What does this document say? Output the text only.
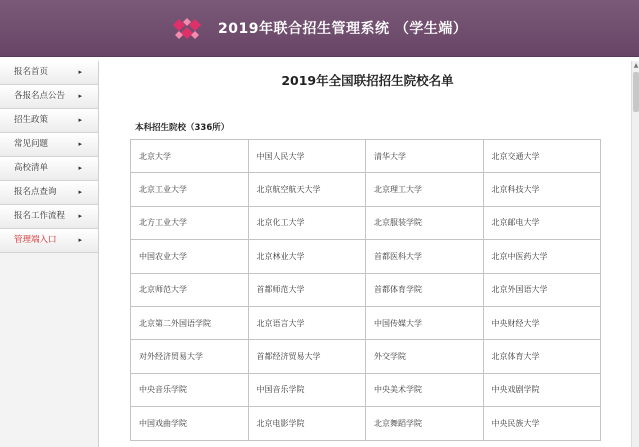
2019年联合招生管理系统 （学生端）
报名首页	▸
各报名点公告 ▸
招生政策	▸
常见问题	▸
高校清单	▸
报名点查询	▸
报名工作流程 ▸
管理端入口	▸
2019年全国联招招生院校名单
本科招生院校（336所）
北京大学	中国人民大学	清华大学	北京交通大学
北京工业大学	北京航空航天大学	北京理工大学	北京科技大学
北方工业大学	北京化工大学	北京服装学院	北京邮电大学
中国农业大学	北京林业大学	首都医科大学	北京中医药大学
北京师范大学	首都师范大学	首都体育学院	北京外国语大学
北京第二外国语学院	北京语言大学	中国传媒大学	中央财经大学
对外经济贸易大学	首都经济贸易大学	外交学院	北京体育大学
中央音乐学院	中国音乐学院	中央美术学院	中央戏剧学院
中国戏曲学院	北京电影学院	北京舞蹈学院	中央民族大学
▲
